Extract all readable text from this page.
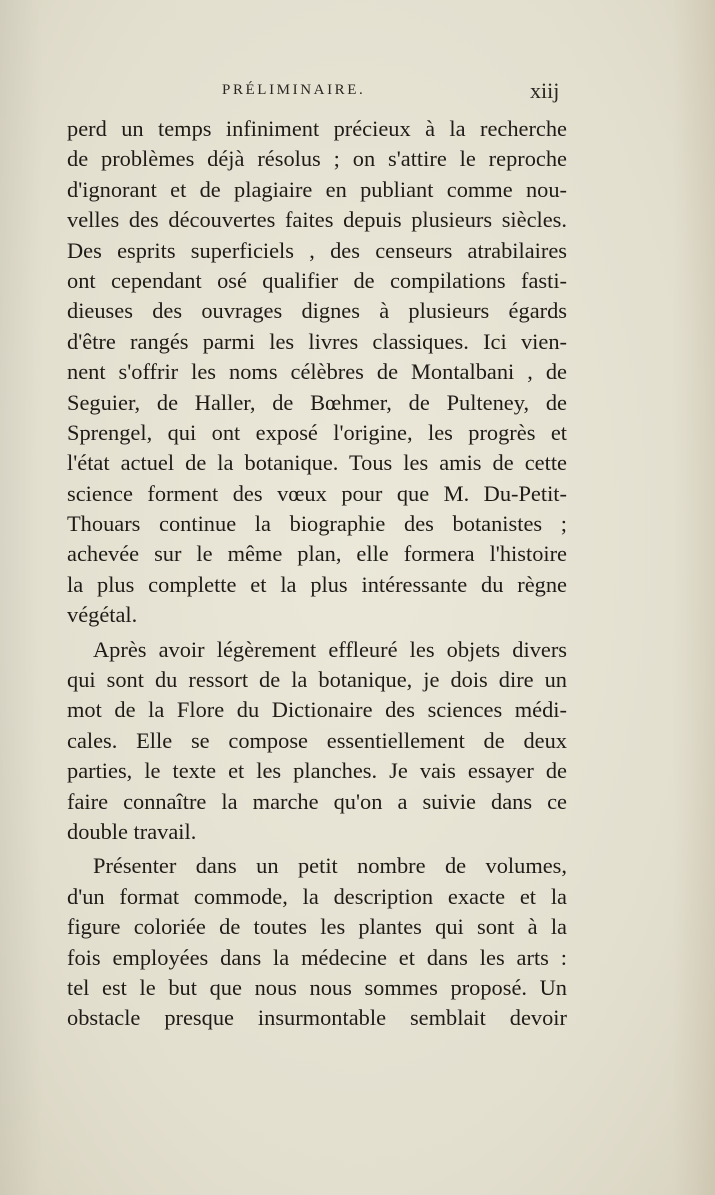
PRÉLIMINAIRE.	xiij
perd un temps infiniment précieux à la recherche
de problèmes déjà résolus ; on s'attire le reproche
d'ignorant et de plagiaire en publiant comme nou-
velles des découvertes faites depuis plusieurs siècles.
Des esprits superficiels , des censeurs atrabilaires
ont cependant osé qualifier de compilations fasti-
dieuses des ouvrages dignes à plusieurs égards
d'être rangés parmi les livres classiques. Ici vien-
nent s'offrir les noms célèbres de Montalbani , de
Seguier, de Haller, de Bœhmer, de Pulteney, de
Sprengel, qui ont exposé l'origine, les progrès et
l'état actuel de la botanique. Tous les amis de cette
science forment des vœux pour que M. Du-Petit-
Thouars continue la biographie des botanistes ;
achevée sur le même plan, elle formera l'histoire
la plus complette et la plus intéressante du règne
végétal.
Après avoir légèrement effleuré les objets divers
qui sont du ressort de la botanique, je dois dire un
mot de la Flore du Dictionaire des sciences médi-
cales. Elle se compose essentiellement de deux
parties, le texte et les planches. Je vais essayer de
faire connaître la marche qu'on a suivie dans ce
double travail.
Présenter dans un petit nombre de volumes,
d'un format commode, la description exacte et la
figure coloriée de toutes les plantes qui sont à la
fois employées dans la médecine et dans les arts :
tel est le but que nous nous sommes proposé. Un
obstacle presque insurmontable semblait devoir
